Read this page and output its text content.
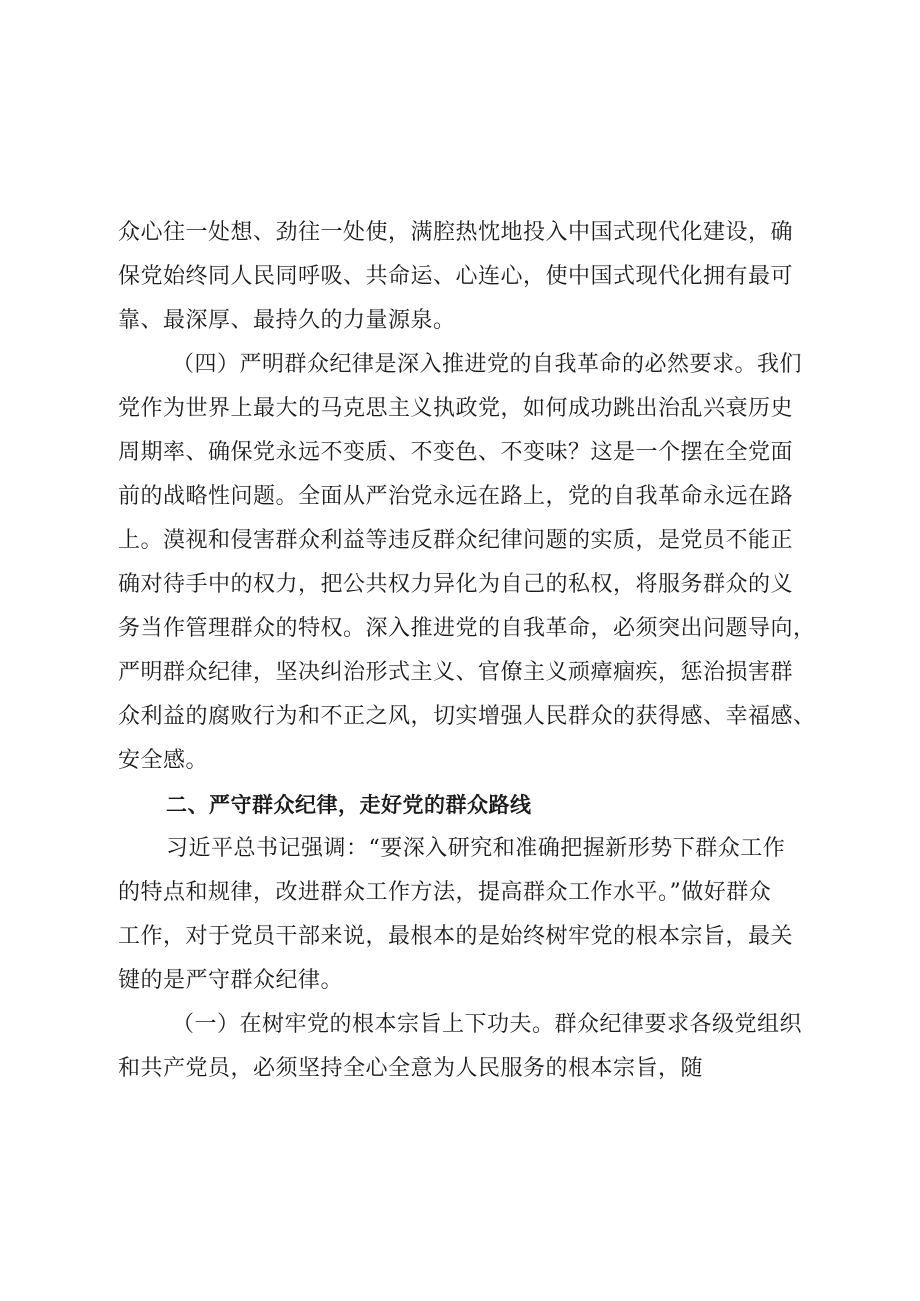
众心往一处想、劲往一处使，满腔热忱地投入中国式现代化建设，确
保党始终同人民同呼吸、共命运、心连心，使中国式现代化拥有最可
靠、最深厚、最持久的力量源泉。
（四）严明群众纪律是深入推进党的自我革命的必然要求。我们
党作为世界上最大的马克思主义执政党，如何成功跳出治乱兴衰历史
周期率、确保党永远不变质、不变色、不变味？这是一个摆在全党面
前的战略性问题。全面从严治党永远在路上，党的自我革命永远在路
上。漠视和侵害群众利益等违反群众纪律问题的实质，是党员不能正
确对待手中的权力，把公共权力异化为自己的私权，将服务群众的义
务当作管理群众的特权。深入推进党的自我革命，必须突出问题导向，
严明群众纪律，坚决纠治形式主义、官僚主义顽瘴痼疾，惩治损害群
众利益的腐败行为和不正之风，切实增强人民群众的获得感、幸福感、
安全感。
二、严守群众纪律，走好党的群众路线
习近平总书记强调：“要深入研究和准确把握新形势下群众工作
的特点和规律，改进群众工作方法，提高群众工作水平。”做好群众
工作，对于党员干部来说，最根本的是始终树牢党的根本宗旨，最关
键的是严守群众纪律。
（一）在树牢党的根本宗旨上下功夫。群众纪律要求各级党组织
和共产党员，必须坚持全心全意为人民服务的根本宗旨，随
